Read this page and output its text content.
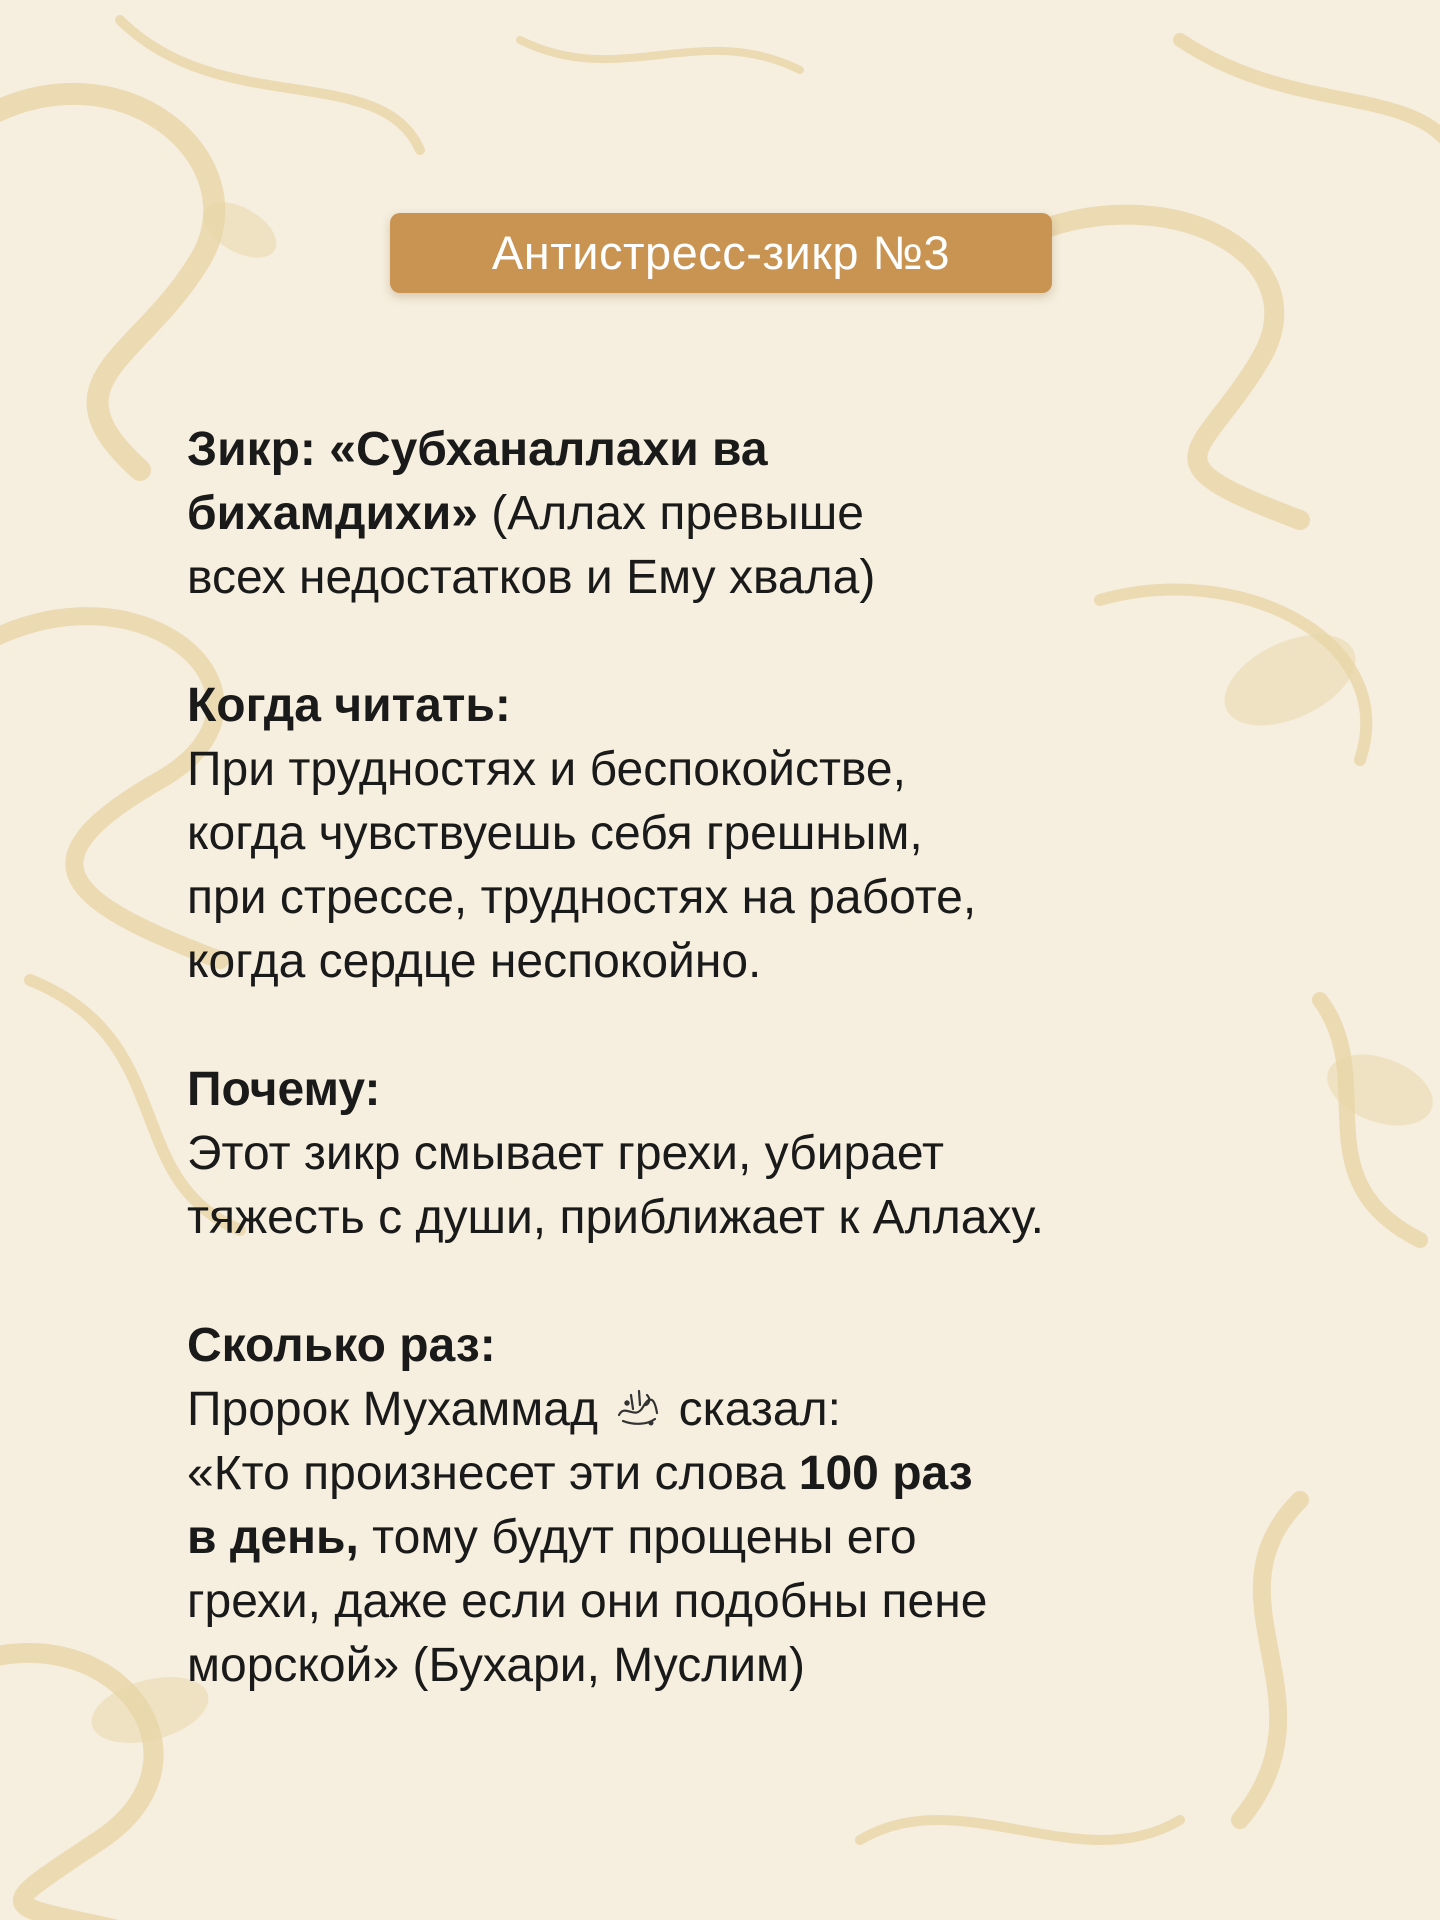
Антистресс-зикр №3
Зикр: «Субханаллахи ва
бихамдихи» (Аллах превыше
всех недостатков и Ему хвала)
Когда читать:
При трудностях и беспокойстве,
когда чувствуешь себя грешным,
при стрессе, трудностях на работе,
когда сердце неспокойно.
Почему:
Этот зикр смывает грехи, убирает
тяжесть с души, приближает к Аллаху.
Сколько раз:
Пророк Мухаммад  сказал:
«Кто произнесет эти слова 100 раз
в день, тому будут прощены его
грехи, даже если они подобны пене
морской» (Бухари, Муслим)
